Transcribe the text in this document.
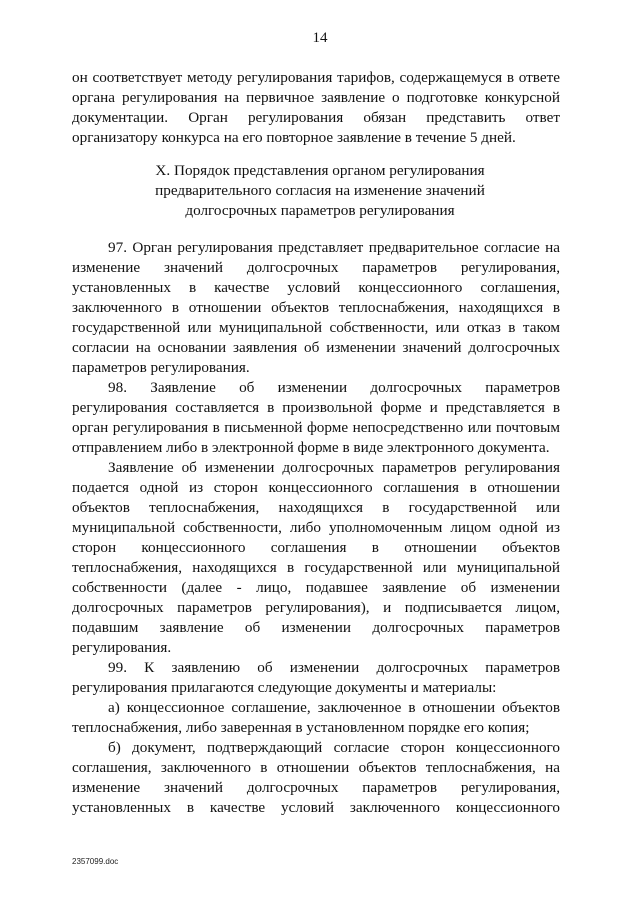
14
он соответствует методу регулирования тарифов, содержащемуся в ответе
органа регулирования на первичное заявление о подготовке конкурсной
документации. Орган регулирования обязан представить ответ
организатору конкурса на его повторное заявление в течение 5 дней.
X. Порядок представления органом регулирования
предварительного согласия на изменение значений
долгосрочных параметров регулирования
97. Орган регулирования представляет предварительное согласие на
изменение значений долгосрочных параметров регулирования,
установленных в качестве условий концессионного соглашения,
заключенного в отношении объектов теплоснабжения, находящихся в
государственной или муниципальной собственности, или отказ в таком
согласии на основании заявления об изменении значений долгосрочных
параметров регулирования.
98. Заявление об изменении долгосрочных параметров
регулирования составляется в произвольной форме и представляется в
орган регулирования в письменной форме непосредственно или почтовым
отправлением либо в электронной форме в виде электронного документа.
Заявление об изменении долгосрочных параметров регулирования
подается одной из сторон концессионного соглашения в отношении
объектов теплоснабжения, находящихся в государственной или
муниципальной собственности, либо уполномоченным лицом одной из
сторон концессионного соглашения в отношении объектов
теплоснабжения, находящихся в государственной или муниципальной
собственности (далее - лицо, подавшее заявление об изменении
долгосрочных параметров регулирования), и подписывается лицом,
подавшим заявление об изменении долгосрочных параметров
регулирования.
99. К заявлению об изменении долгосрочных параметров
регулирования прилагаются следующие документы и материалы:
а) концессионное соглашение, заключенное в отношении объектов
теплоснабжения, либо заверенная в установленном порядке его копия;
б) документ, подтверждающий согласие сторон концессионного
соглашения, заключенного в отношении объектов теплоснабжения, на
изменение значений долгосрочных параметров регулирования,
установленных в качестве условий заключенного концессионного
2357099.doc
